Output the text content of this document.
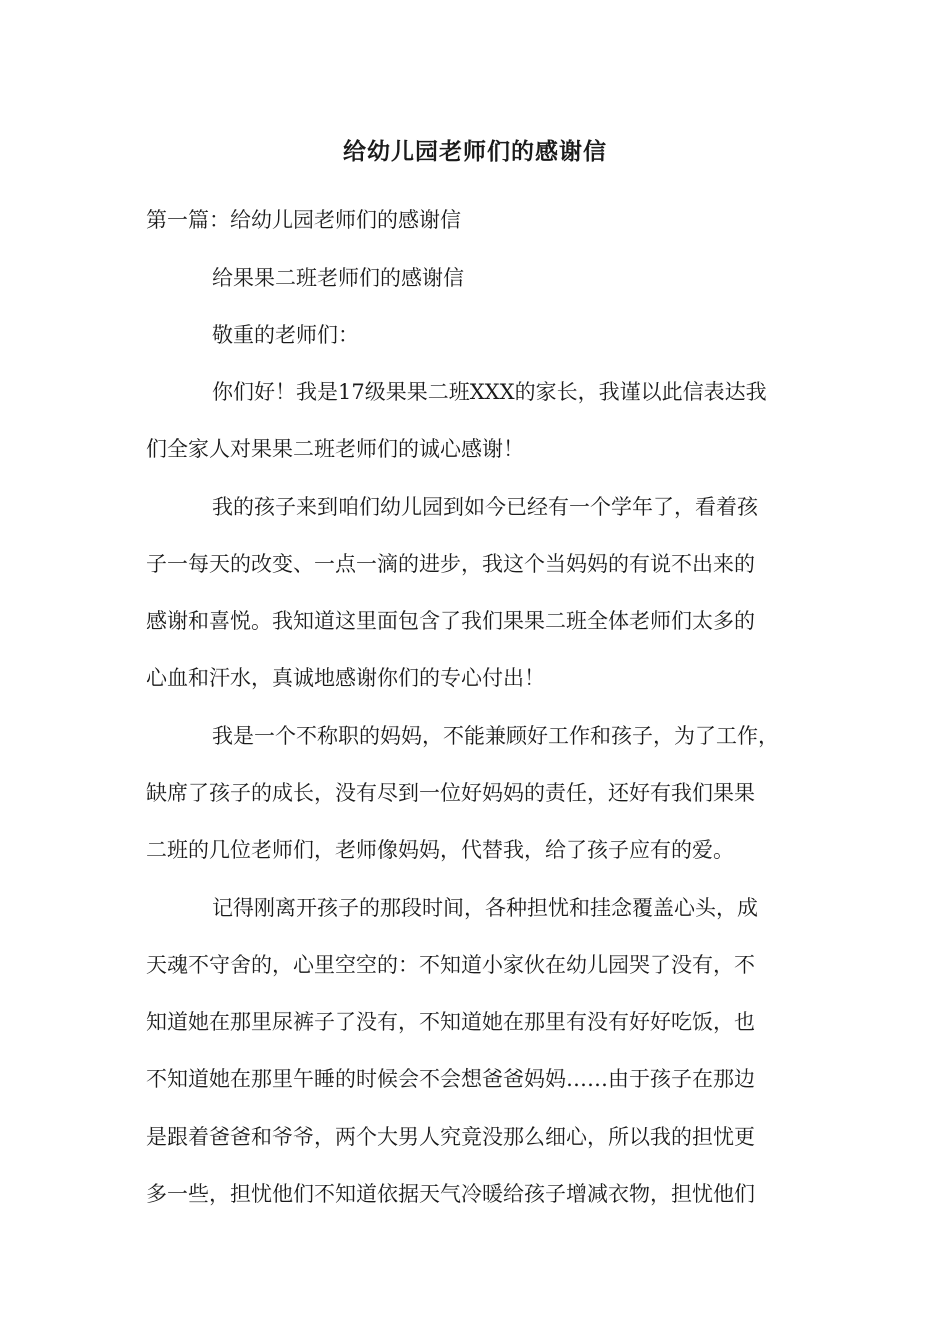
给幼儿园老师们的感谢信
第一篇：给幼儿园老师们的感谢信
给果果二班老师们的感谢信
敬重的老师们：
你们好！我是17级果果二班XXX的家长，我谨以此信表达我
们全家人对果果二班老师们的诚心感谢！
我的孩子来到咱们幼儿园到如今已经有一个学年了，看着孩
子一每天的改变、一点一滴的进步，我这个当妈妈的有说不出来的
感谢和喜悦。我知道这里面包含了我们果果二班全体老师们太多的
心血和汗水，真诚地感谢你们的专心付出！
我是一个不称职的妈妈，不能兼顾好工作和孩子，为了工作，
缺席了孩子的成长，没有尽到一位好妈妈的责任，还好有我们果果
二班的几位老师们，老师像妈妈，代替我，给了孩子应有的爱。
记得刚离开孩子的那段时间，各种担忧和挂念覆盖心头，成
天魂不守舍的，心里空空的：不知道小家伙在幼儿园哭了没有，不
知道她在那里尿裤子了没有，不知道她在那里有没有好好吃饭，也
不知道她在那里午睡的时候会不会想爸爸妈妈……由于孩子在那边
是跟着爸爸和爷爷，两个大男人究竟没那么细心，所以我的担忧更
多一些，担忧他们不知道依据天气冷暖给孩子增减衣物，担忧他们
